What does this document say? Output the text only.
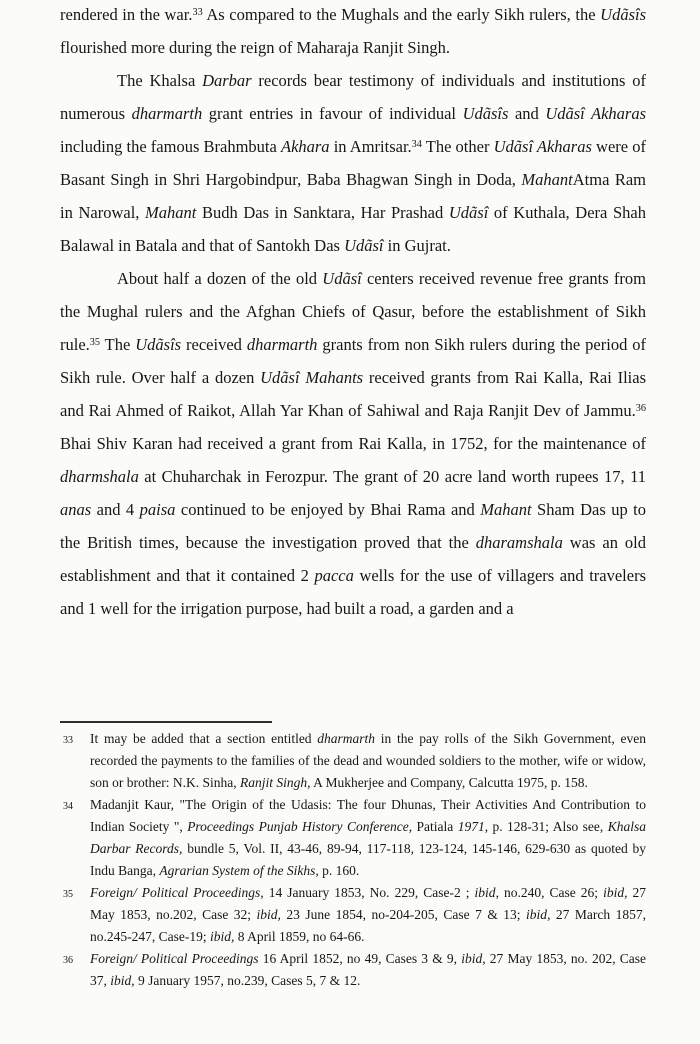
rendered in the war.$^{33}$ As compared to the Mughals and the early Sikh rulers, the Udãsîs flourished more during the reign of Maharaja Ranjit Singh.

The Khalsa Darbar records bear testimony of individuals and institutions of numerous dharmarth grant entries in favour of individual Udãsîs and Udãsî Akharas including the famous Brahmbuta Akhara in Amritsar.$^{34}$ The other Udãsî Akharas were of Basant Singh in Shri Hargobindpur, Baba Bhagwan Singh in Doda, MahantAtma Ram in Narowal, Mahant Budh Das in Sanktara, Har Prashad Udãsî of Kuthala, Dera Shah Balawal in Batala and that of Santokh Das Udãsî in Gujrat.

About half a dozen of the old Udãsî centers received revenue free grants from the Mughal rulers and the Afghan Chiefs of Qasur, before the establishment of Sikh rule.$^{35}$ The Udãsîs received dharmarth grants from non Sikh rulers during the period of Sikh rule. Over half a dozen Udãsî Mahants received grants from Rai Kalla, Rai Ilias and Rai Ahmed of Raikot, Allah Yar Khan of Sahiwal and Raja Ranjit Dev of Jammu.$^{36}$ Bhai Shiv Karan had received a grant from Rai Kalla, in 1752, for the maintenance of dharmshala at Chuharchak in Ferozpur. The grant of 20 acre land worth rupees 17, 11 anas and 4 paisa continued to be enjoyed by Bhai Rama and Mahant Sham Das up to the British times, because the investigation proved that the dharamshala was an old establishment and that it contained 2 pacca wells for the use of villagers and travelers and 1 well for the irrigation purpose, had built a road, a garden and a

33 It may be added that a section entitled dharmarth in the pay rolls of the Sikh Government, even recorded the payments to the families of the dead and wounded soldiers to the mother, wife or widow, son or brother: N.K. Sinha, Ranjit Singh, A Mukherjee and Company, Calcutta 1975, p. 158.
34 Madanjit Kaur, "The Origin of the Udasis: The four Dhunas, Their Activities And Contribution to Indian Society ", Proceedings Punjab History Conference, Patiala 1971, p. 128-31; Also see, Khalsa Darbar Records, bundle 5, Vol. II, 43-46, 89-94, 117-118, 123-124, 145-146, 629-630 as quoted by Indu Banga, Agrarian System of the Sikhs, p. 160.
35 Foreign/ Political Proceedings, 14 January 1853, No. 229, Case-2 ; ibid, no.240, Case 26; ibid, 27 May 1853, no.202, Case 32; ibid, 23 June 1854, no-204-205, Case 7 & 13; ibid, 27 March 1857, no.245-247, Case-19; ibid, 8 April 1859, no 64-66.
36 Foreign/ Political Proceedings 16 April 1852, no 49, Cases 3 & 9, ibid, 27 May 1853, no. 202, Case 37, ibid, 9 January 1957, no.239, Cases 5, 7 & 12.
